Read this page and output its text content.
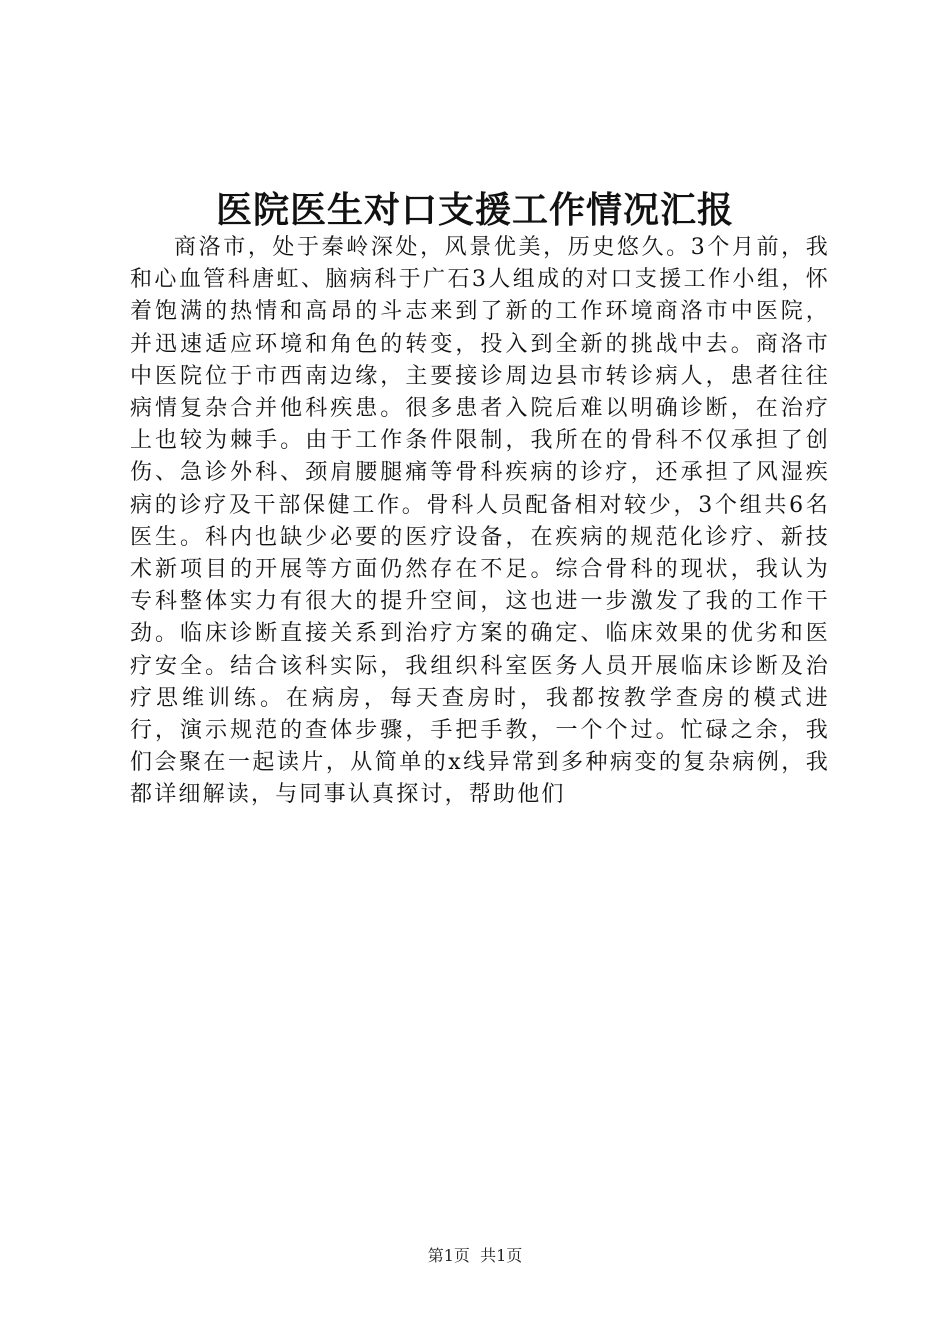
医院医生对口支援工作情况汇报

商洛市，处于秦岭深处，风景优美，历史悠久。3个月前，我和心血管科唐虹、脑病科于广石3人组成的对口支援工作小组，怀着饱满的热情和高昂的斗志来到了新的工作环境商洛市中医院，并迅速适应环境和角色的转变，投入到全新的挑战中去。商洛市中医院位于市西南边缘，主要接诊周边县市转诊病人，患者往往病情复杂合并他科疾患。很多患者入院后难以明确诊断，在治疗上也较为棘手。由于工作条件限制，我所在的骨科不仅承担了创伤、急诊外科、颈肩腰腿痛等骨科疾病的诊疗，还承担了风湿疾病的诊疗及干部保健工作。骨科人员配备相对较少，3个组共6名医生。科内也缺少必要的医疗设备，在疾病的规范化诊疗、新技术新项目的开展等方面仍然存在不足。综合骨科的现状，我认为专科整体实力有很大的提升空间，这也进一步激发了我的工作干劲。临床诊断直接关系到治疗方案的确定、临床效果的优劣和医疗安全。结合该科实际，我组织科室医务人员开展临床诊断及治疗思维训练。在病房，每天查房时，我都按教学查房的模式进行，演示规范的查体步骤，手把手教，一个个过。忙碌之余，我们会聚在一起读片，从简单的x线异常到多种病变的复杂病例，我都详细解读，与同事认真探讨，帮助他们

第1页  共1页
